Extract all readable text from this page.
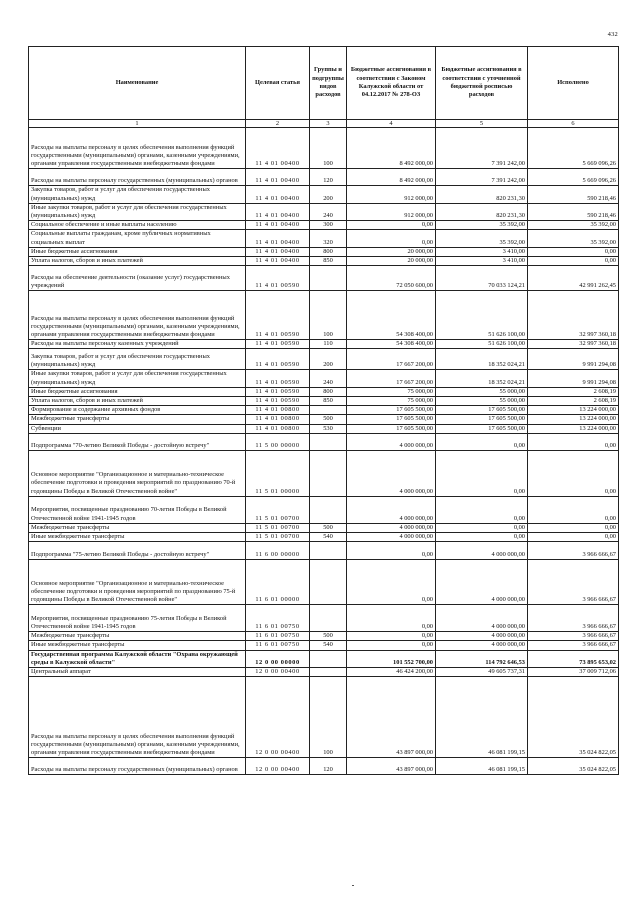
432
Наименование	Целевая статья	Группы и подгруппы видов расходов	Бюджетные ассигнования в соответствии с Законом Калужской области от 04.12.2017 № 278-ОЗ	Бюджетные ассигнования в соответствии с уточненной бюджетной росписью расходов	Исполнено
1	2	3	4	5	6
Расходы на выплаты персоналу в целях обеспечения выполнения функций государственными (муниципальными) органами, казенными учреждениями, органами управления государственными внебюджетными фондами	11 4 01 00400	100	8 492 000,00	7 391 242,00	5 669 096,26
Расходы на выплаты персоналу государственных (муниципальных) органов	11 4 01 00400	120	8 492 000,00	7 391 242,00	5 669 096,26
Закупка товаров, работ и услуг для обеспечения государственных (муниципальных) нужд	11 4 01 00400	200	912 000,00	820 231,30	590 218,46
Иные закупки товаров, работ и услуг для обеспечения государственных (муниципальных) нужд	11 4 01 00400	240	912 000,00	820 231,30	590 218,46
Социальное обеспечение и иные выплаты населению	11 4 01 00400	300	0,00	35 392,00	35 392,00
Социальные выплаты гражданам, кроме публичных нормативных социальных выплат	11 4 01 00400	320	0,00	35 392,00	35 392,00
Иные бюджетные ассигнования	11 4 01 00400	800	20 000,00	3 410,00	0,00
Уплата налогов, сборов и иных платежей	11 4 01 00400	850	20 000,00	3 410,00	0,00
Расходы на обеспечение деятельности (оказание услуг) государственных учреждений	11 4 01 00590		72 050 600,00	70 033 124,21	42 991 262,45
Расходы на выплаты персоналу в целях обеспечения выполнения функций государственными (муниципальными) органами, казенными учреждениями, органами управления государственными внебюджетными фондами	11 4 01 00590	100	54 308 400,00	51 626 100,00	32 997 360,18
Расходы на выплаты персоналу казенных учреждений	11 4 01 00590	110	54 308 400,00	51 626 100,00	32 997 360,18
Закупка товаров, работ и услуг для обеспечения государственных (муниципальных) нужд	11 4 01 00590	200	17 667 200,00	18 352 024,21	9 991 294,08
Иные закупки товаров, работ и услуг для обеспечения государственных (муниципальных) нужд	11 4 01 00590	240	17 667 200,00	18 352 024,21	9 991 294,08
Иные бюджетные ассигнования	11 4 01 00590	800	75 000,00	55 000,00	2 608,19
Уплата налогов, сборов и иных платежей	11 4 01 00590	850	75 000,00	55 000,00	2 608,19
Формирование и содержание архивных фондов	11 4 01 00800		17 605 500,00	17 605 500,00	13 224 000,00
Межбюджетные трансферты	11 4 01 00800	500	17 605 500,00	17 605 500,00	13 224 000,00
Субвенции	11 4 01 00800	530	17 605 500,00	17 605 500,00	13 224 000,00
Подпрограмма "70-летию Великой Победы - достойную встречу"	11 5 00 00000		4 000 000,00	0,00	0,00
Основное мероприятие "Организационное и материально-техническое обеспечение подготовки и проведения мероприятий по празднованию 70-й годовщины Победы в Великой Отечественной войне"	11 5 01 00000		4 000 000,00	0,00	0,00
Мероприятия, посвященные празднованию 70-летия Победы в Великой Отечественной войне 1941-1945 годов	11 5 01 00700		4 000 000,00	0,00	0,00
Межбюджетные трансферты	11 5 01 00700	500	4 000 000,00	0,00	0,00
Иные межбюджетные трансферты	11 5 01 00700	540	4 000 000,00	0,00	0,00
Подпрограмма "75-летию Великой Победы - достойную встречу"	11 6 00 00000		0,00	4 000 000,00	3 966 666,67
Основное мероприятие "Организационное и материально-техническое обеспечение подготовки и проведения мероприятий по празднованию 75-й годовщины Победы в Великой Отечественной войне"	11 6 01 00000		0,00	4 000 000,00	3 966 666,67
Мероприятия, посвященные празднованию 75-летия Победы в Великой Отечественной войне 1941-1945 годов	11 6 01 00750		0,00	4 000 000,00	3 966 666,67
Межбюджетные трансферты	11 6 01 00750	500	0,00	4 000 000,00	3 966 666,67
Иные межбюджетные трансферты	11 6 01 00750	540	0,00	4 000 000,00	3 966 666,67
Государственная программа Калужской области "Охрана окружающей среды в Калужской области"	12 0 00 00000		101 552 700,00	114 792 646,53	73 895 653,02
Центральный аппарат	12 0 00 00400		46 424 200,00	49 605 737,31	37 009 712,06
Расходы на выплаты персоналу в целях обеспечения выполнения функций государственными (муниципальными) органами, казенными учреждениями, органами управления государственными внебюджетными фондами	12 0 00 00400	100	43 897 000,00	46 081 199,15	35 024 822,05
Расходы на выплаты персоналу государственных (муниципальных) органов	12 0 00 00400	120	43 897 000,00	46 081 199,15	35 024 822,05
